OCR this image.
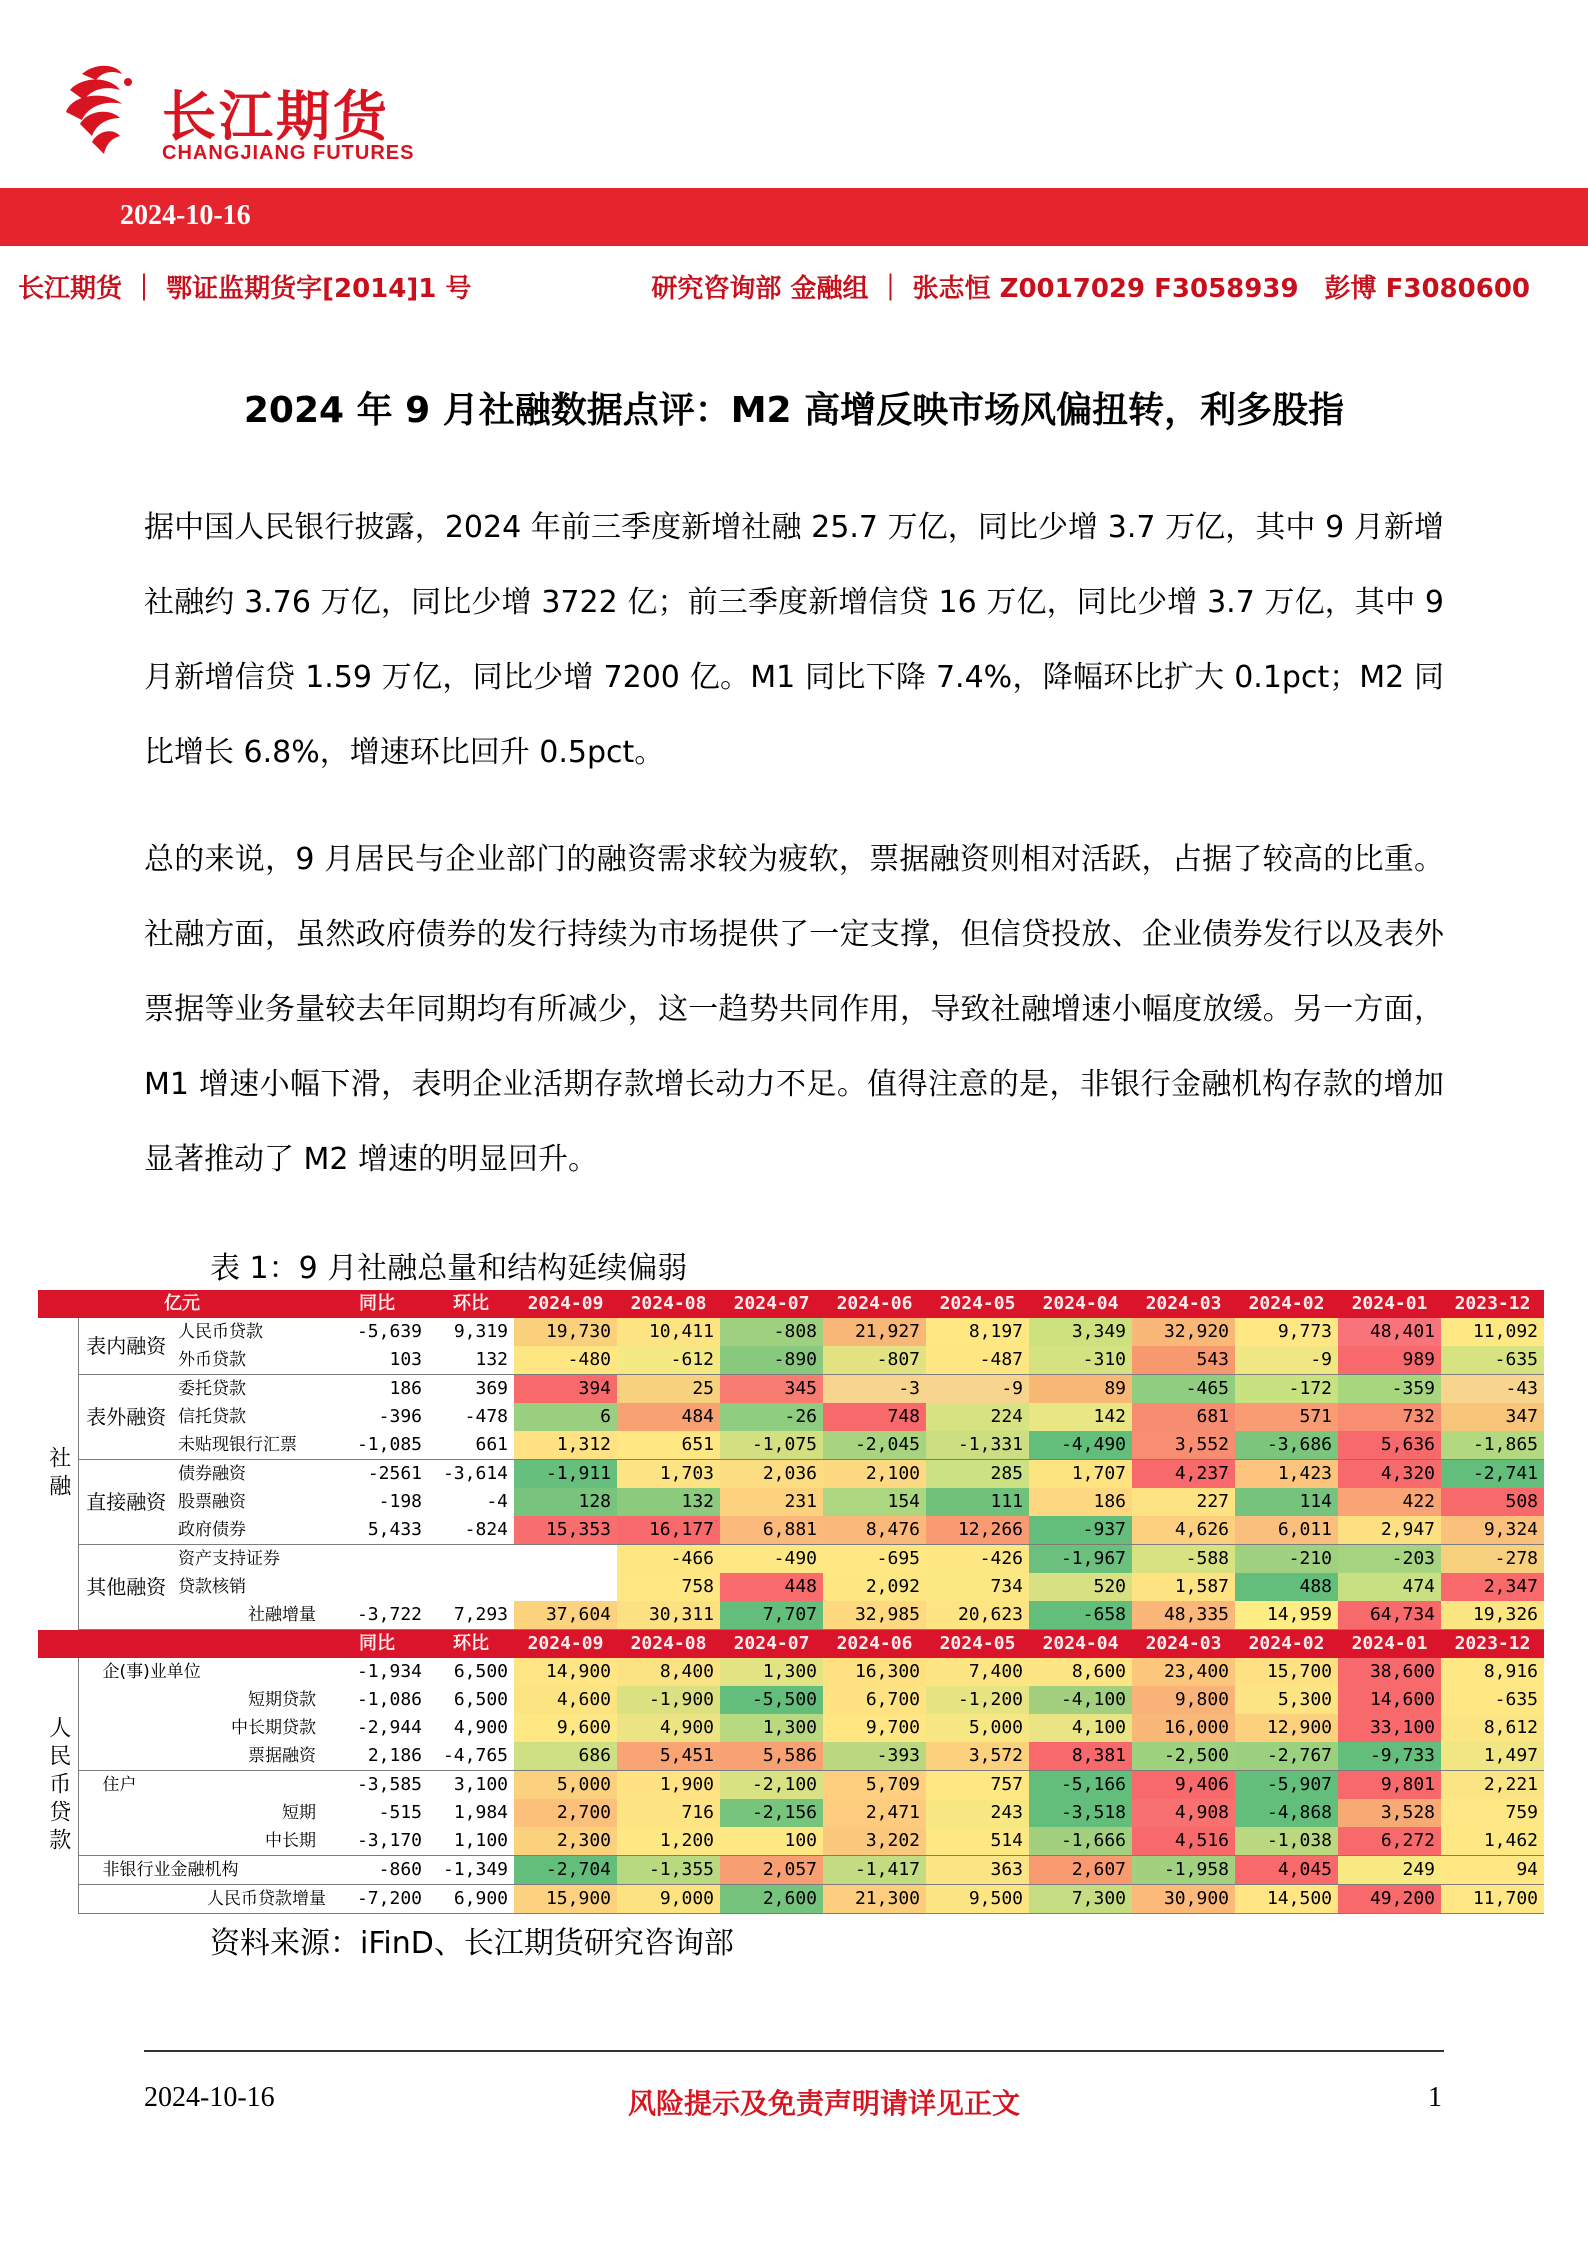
长江期货
CHANGJIANG FUTURES
2024-10-16
长江期货 ｜ 鄂证监期货字[2014]1 号	研究咨询部 金融组 ｜ 张志恒 Z0017029 F3058939　彭博 F3080600
2024 年 9 月社融数据点评：M2 高增反映市场风偏扭转，利多股指

据中国人民银行披露，2024 年前三季度新增社融 25.7 万亿，同比少增 3.7 万亿，其中 9 月新增社融约 3.76 万亿，同比少增 3722 亿；前三季度新增信贷 16 万亿，同比少增 3.7 万亿，其中 9 月新增信贷 1.59 万亿，同比少增 7200 亿。M1 同比下降 7.4%，降幅环比扩大 0.1pct；M2 同比增长 6.8%，增速环比回升 0.5pct。

总的来说，9 月居民与企业部门的融资需求较为疲软，票据融资则相对活跃，占据了较高的比重。社融方面，虽然政府债券的发行持续为市场提供了一定支撑，但信贷投放、企业债券发行以及表外票据等业务量较去年同期均有所减少，这一趋势共同作用，导致社融增速小幅度放缓。另一方面，M1 增速小幅下滑，表明企业活期存款增长动力不足。值得注意的是，非银行金融机构存款的增加显著推动了 M2 增速的明显回升。

表 1：9 月社融总量和结构延续偏弱
亿元			同比	环比	2024-09	2024-08	2024-07	2024-06	2024-05	2024-04	2024-03	2024-02	2024-01	2023-12
社融	表内融资	人民币贷款	-5,639	9,319	19,730	10,411	-808	21,927	8,197	3,349	32,920	9,773	48,401	11,092
		外币贷款	103	132	-480	-612	-890	-807	-487	-310	543	-9	989	-635
	表外融资	委托贷款	186	369	394	25	345	-3	-9	89	-465	-172	-359	-43
		信托贷款	-396	-478	6	484	-26	748	224	142	681	571	732	347
		未贴现银行汇票	-1,085	661	1,312	651	-1,075	-2,045	-1,331	-4,490	3,552	-3,686	5,636	-1,865
	直接融资	债券融资	-2561	-3,614	-1,911	1,703	2,036	2,100	285	1,707	4,237	1,423	4,320	-2,741
		股票融资	-198	-4	128	132	231	154	111	186	227	114	422	508
		政府债券	5,433	-824	15,353	16,177	6,881	8,476	12,266	-937	4,626	6,011	2,947	9,324
	其他融资	资产支持证券				-466	-490	-695	-426	-1,967	-588	-210	-203	-278
		贷款核销				758	448	2,092	734	520	1,587	488	474	2,347
		社融增量	-3,722	7,293	37,604	30,311	7,707	32,985	20,623	-658	48,335	14,959	64,734	19,326
			同比	环比	2024-09	2024-08	2024-07	2024-06	2024-05	2024-04	2024-03	2024-02	2024-01	2023-12
人民币贷款	企(事)业单位		-1,934	6,500	14,900	8,400	1,300	16,300	7,400	8,600	23,400	15,700	38,600	8,916
	短期贷款		-1,086	6,500	4,600	-1,900	-5,500	6,700	-1,200	-4,100	9,800	5,300	14,600	-635
	中长期贷款		-2,944	4,900	9,600	4,900	1,300	9,700	5,000	4,100	16,000	12,900	33,100	8,612
	票据融资		2,186	-4,765	686	5,451	5,586	-393	3,572	8,381	-2,500	-2,767	-9,733	1,497
	住户		-3,585	3,100	5,000	1,900	-2,100	5,709	757	-5,166	9,406	-5,907	9,801	2,221
	短期		-515	1,984	2,700	716	-2,156	2,471	243	-3,518	4,908	-4,868	3,528	759
	中长期		-3,170	1,100	2,300	1,200	100	3,202	514	-1,666	4,516	-1,038	6,272	1,462
	非银行业金融机构		-860	-1,349	-2,704	-1,355	2,057	-1,417	363	2,607	-1,958	4,045	249	94
	人民币贷款增量		-7,200	6,900	15,900	9,000	2,600	21,300	9,500	7,300	30,900	14,500	49,200	11,700
资料来源：iFinD、长江期货研究咨询部
2024-10-16	风险提示及免责声明请详见正文	1
